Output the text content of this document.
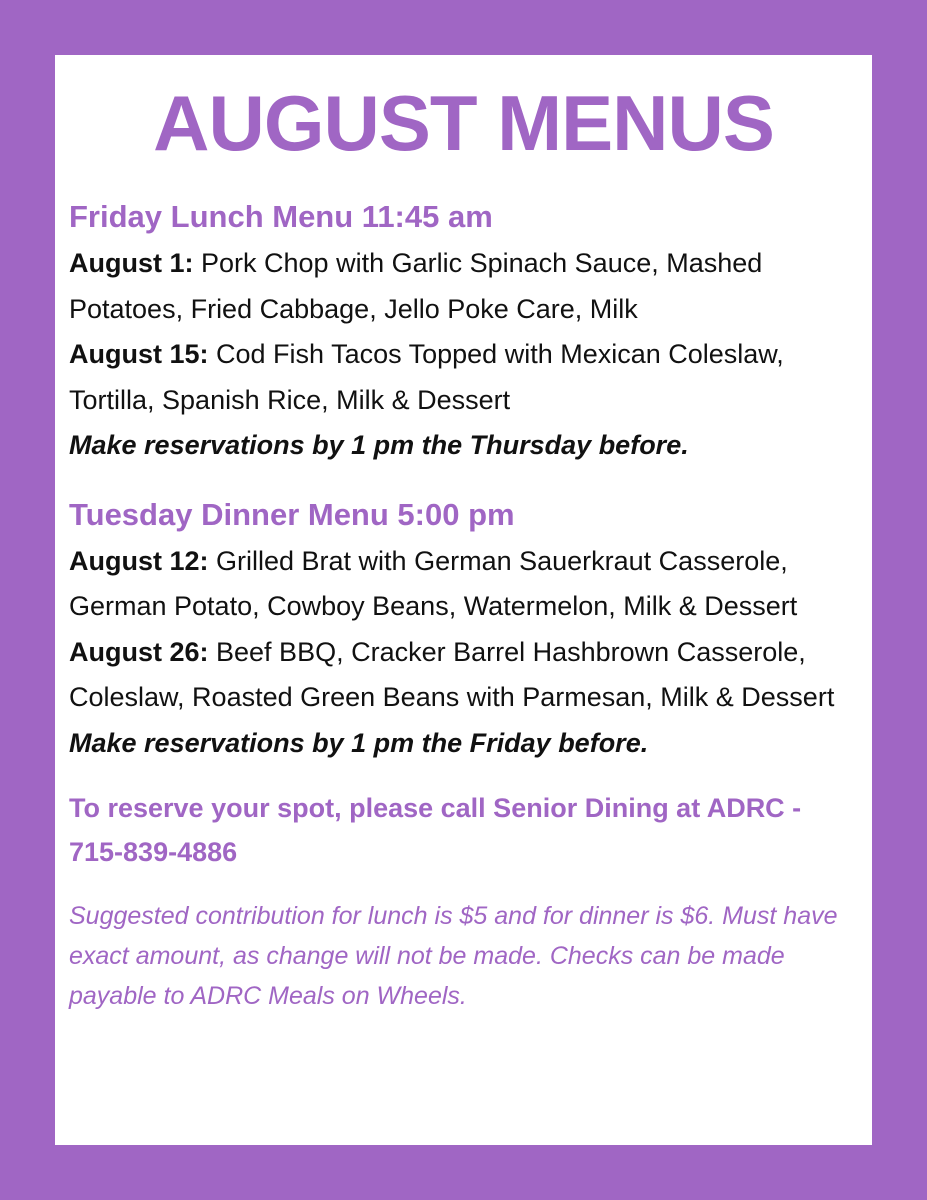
AUGUST MENUS
Friday Lunch Menu 11:45 am
August 1: Pork Chop with Garlic Spinach Sauce, Mashed Potatoes, Fried Cabbage, Jello Poke Care, Milk
August 15: Cod Fish Tacos Topped with Mexican Coleslaw, Tortilla, Spanish Rice, Milk & Dessert
Make reservations by 1 pm the Thursday before.
Tuesday Dinner Menu 5:00 pm
August 12: Grilled Brat with German Sauerkraut Casserole, German Potato, Cowboy Beans, Watermelon, Milk & Dessert
August 26: Beef BBQ, Cracker Barrel Hashbrown Casserole, Coleslaw, Roasted Green Beans with Parmesan, Milk & Dessert
Make reservations by 1 pm the Friday before.
To reserve your spot, please call Senior Dining at ADRC - 715-839-4886
Suggested contribution for lunch is $5 and for dinner is $6. Must have exact amount, as change will not be made. Checks can be made payable to ADRC Meals on Wheels.
